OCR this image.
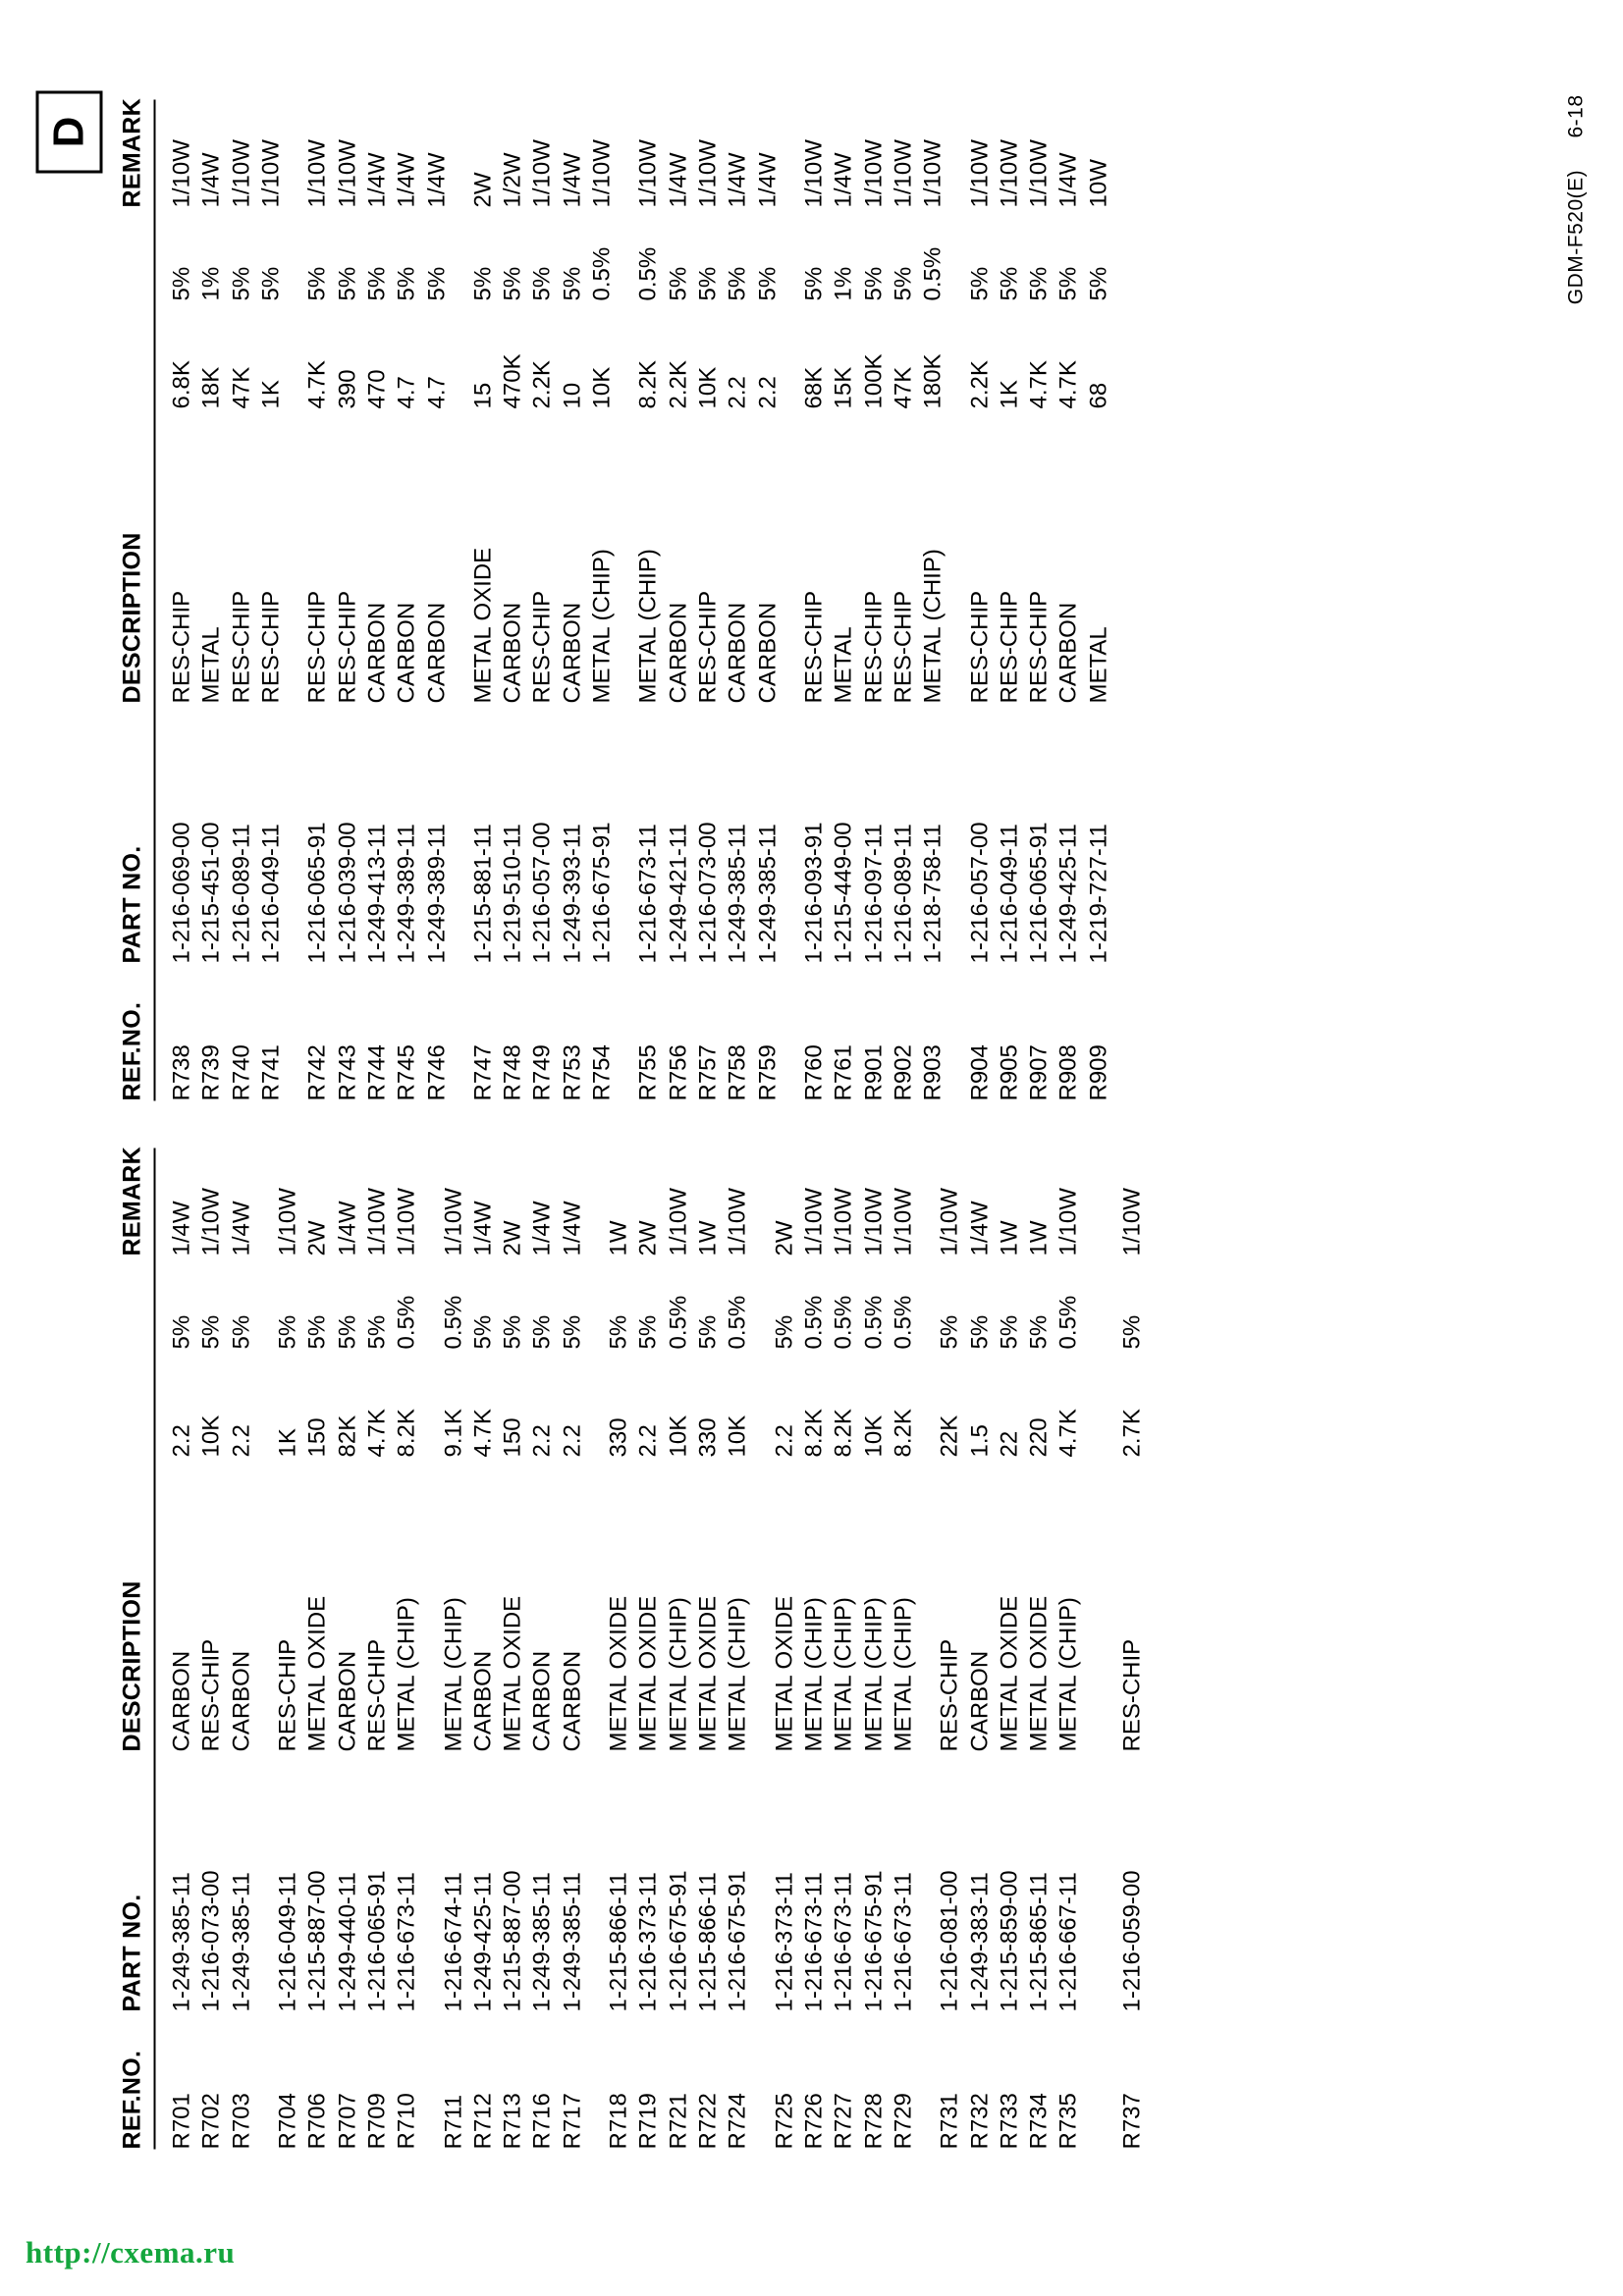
D
GDM-F520(E) 6-18
REF.NO.	PART NO.	DESCRIPTION			REMARK

R701	1-249-385-11	CARBON	2.2	5%	1/4W
R702	1-216-073-00	RES-CHIP	10K	5%	1/10W
R703	1-249-385-11	CARBON	2.2	5%	1/4W

R704	1-216-049-11	RES-CHIP	1K	5%	1/10W
R706	1-215-887-00	METAL OXIDE	150	5%	2W
R707	1-249-440-11	CARBON	82K	5%	1/4W
R709	1-216-065-91	RES-CHIP	4.7K	5%	1/10W
R710	1-216-673-11	METAL (CHIP)	8.2K	0.5%	1/10W

R711	1-216-674-11	METAL (CHIP)	9.1K	0.5%	1/10W
R712	1-249-425-11	CARBON	4.7K	5%	1/4W
R713	1-215-887-00	METAL OXIDE	150	5%	2W
R716	1-249-385-11	CARBON	2.2	5%	1/4W
R717	1-249-385-11	CARBON	2.2	5%	1/4W

R718	1-215-866-11	METAL OXIDE	330	5%	1W
R719	1-216-373-11	METAL OXIDE	2.2	5%	2W
R721	1-216-675-91	METAL (CHIP)	10K	0.5%	1/10W
R722	1-215-866-11	METAL OXIDE	330	5%	1W
R724	1-216-675-91	METAL (CHIP)	10K	0.5%	1/10W

R725	1-216-373-11	METAL OXIDE	2.2	5%	2W
R726	1-216-673-11	METAL (CHIP)	8.2K	0.5%	1/10W
R727	1-216-673-11	METAL (CHIP)	8.2K	0.5%	1/10W
R728	1-216-675-91	METAL (CHIP)	10K	0.5%	1/10W
R729	1-216-673-11	METAL (CHIP)	8.2K	0.5%	1/10W

R731	1-216-081-00	RES-CHIP	22K	5%	1/10W
R732	1-249-383-11	CARBON	1.5	5%	1/4W
R733	1-215-859-00	METAL OXIDE	22	5%	1W
R734	1-215-865-11	METAL OXIDE	220	5%	1W
R735	1-216-667-11	METAL (CHIP)	4.7K	0.5%	1/10W

R737	1-216-059-00	RES-CHIP	2.7K	5%	1/10W
REF.NO.	PART NO.	DESCRIPTION			REMARK

R738	1-216-069-00	RES-CHIP	6.8K	5%	1/10W
R739	1-215-451-00	METAL	18K	1%	1/4W
R740	1-216-089-11	RES-CHIP	47K	5%	1/10W
R741	1-216-049-11	RES-CHIP	1K	5%	1/10W

R742	1-216-065-91	RES-CHIP	4.7K	5%	1/10W
R743	1-216-039-00	RES-CHIP	390	5%	1/10W
R744	1-249-413-11	CARBON	470	5%	1/4W
R745	1-249-389-11	CARBON	4.7	5%	1/4W
R746	1-249-389-11	CARBON	4.7	5%	1/4W

R747	1-215-881-11	METAL OXIDE	15	5%	2W
R748	1-219-510-11	CARBON	470K	5%	1/2W
R749	1-216-057-00	RES-CHIP	2.2K	5%	1/10W
R753	1-249-393-11	CARBON	10	5%	1/4W
R754	1-216-675-91	METAL (CHIP)	10K	0.5%	1/10W

R755	1-216-673-11	METAL (CHIP)	8.2K	0.5%	1/10W
R756	1-249-421-11	CARBON	2.2K	5%	1/4W
R757	1-216-073-00	RES-CHIP	10K	5%	1/10W
R758	1-249-385-11	CARBON	2.2	5%	1/4W
R759	1-249-385-11	CARBON	2.2	5%	1/4W

R760	1-216-093-91	RES-CHIP	68K	5%	1/10W
R761	1-215-449-00	METAL	15K	1%	1/4W
R901	1-216-097-11	RES-CHIP	100K	5%	1/10W
R902	1-216-089-11	RES-CHIP	47K	5%	1/10W
R903	1-218-758-11	METAL (CHIP)	180K	0.5%	1/10W

R904	1-216-057-00	RES-CHIP	2.2K	5%	1/10W
R905	1-216-049-11	RES-CHIP	1K	5%	1/10W
R907	1-216-065-91	RES-CHIP	4.7K	5%	1/10W
R908	1-249-425-11	CARBON	4.7K	5%	1/4W
R909	1-219-727-11	METAL	68	5%	10W
http://cxema.ru
